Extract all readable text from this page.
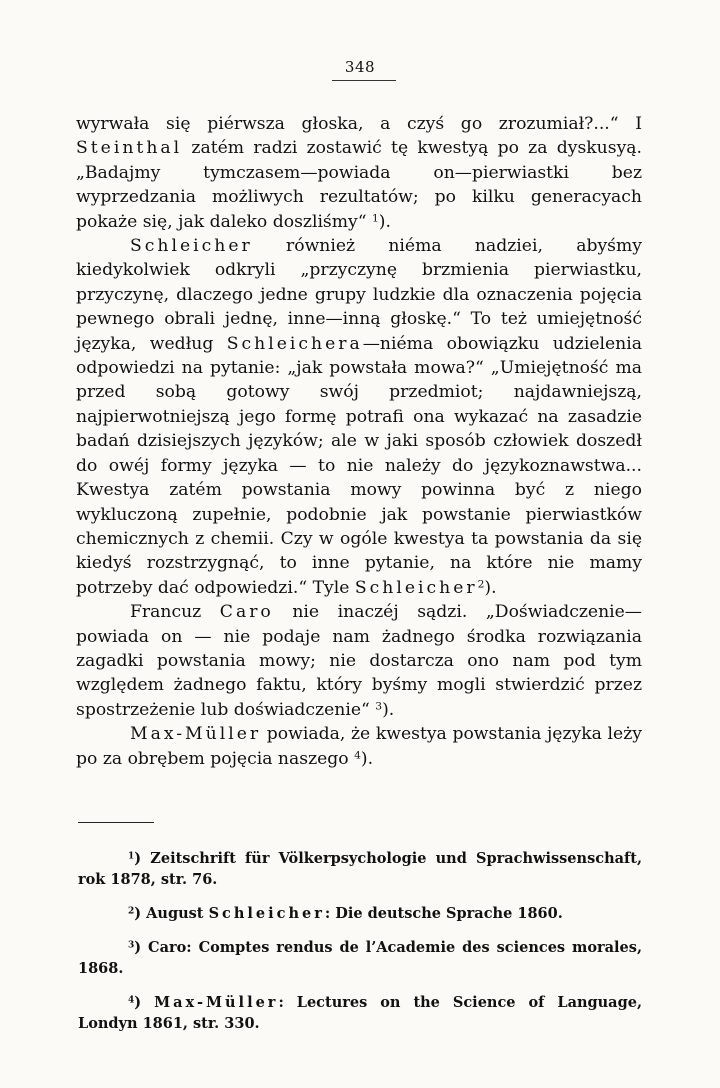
348

wyrwała się piérwsza głoska, a czyś go zrozumiał?...“ I Steinthal zatém radzi zostawić tę kwestyą po za dyskusyą. „Badajmy tymczasem—powiada on—pierwiastki bez wyprzedzania możliwych rezultatów; po kilku generacyach pokaże się, jak daleko doszliśmy“ $^1$).

Schleicher również niéma nadziei, abyśmy kiedykolwiek odkryli „przyczynę brzmienia pierwiastku, przyczynę, dlaczego jedne grupy ludzkie dla oznaczenia pojęcia pewnego obrali jednę, inne—inną głoskę.“ To też umiejętność języka, według Schleichera—niéma obowiązku udzielenia odpowiedzi na pytanie: „jak powstała mowa?“ „Umiejętność ma przed sobą gotowy swój przedmiot; najdawniejszą, najpierwotniejszą jego formę potrafi ona wykazać na zasadzie badań dzisiejszych języków; ale w jaki sposób człowiek doszedł do owéj formy języka — to nie należy do językoznawstwa... Kwestya zatém powstania mowy powinna być z niego wykluczoną zupełnie, podobnie jak powstanie pierwiastków chemicznych z chemii. Czy w ogóle kwestya ta powstania da się kiedyś rozstrzygnąć, to inne pytanie, na które nie mamy potrzeby dać odpowiedzi.“ Tyle Schleicher$^2$).

Francuz Caro nie inaczéj sądzi. „Doświadczenie—powiada on — nie podaje nam żadnego środka rozwiązania zagadki powstania mowy; nie dostarcza ono nam pod tym względem żadnego faktu, który byśmy mogli stwierdzić przez spostrzeżenie lub doświadczenie“ $^3$).

Max-Müller powiada, że kwestya powstania języka leży po za obrębem pojęcia naszego $^4$).

$^1$) Zeitschrift für Völkerpsychologie und Sprachwissenschaft, rok 1878, str. 76.

$^2$) August Schleicher: Die deutsche Sprache 1860.

$^3$) Caro: Comptes rendus de l’Academie des sciences morales, 1868.

$^4$) Max-Müller: Lectures on the Science of Language, Londyn 1861, str. 330.
